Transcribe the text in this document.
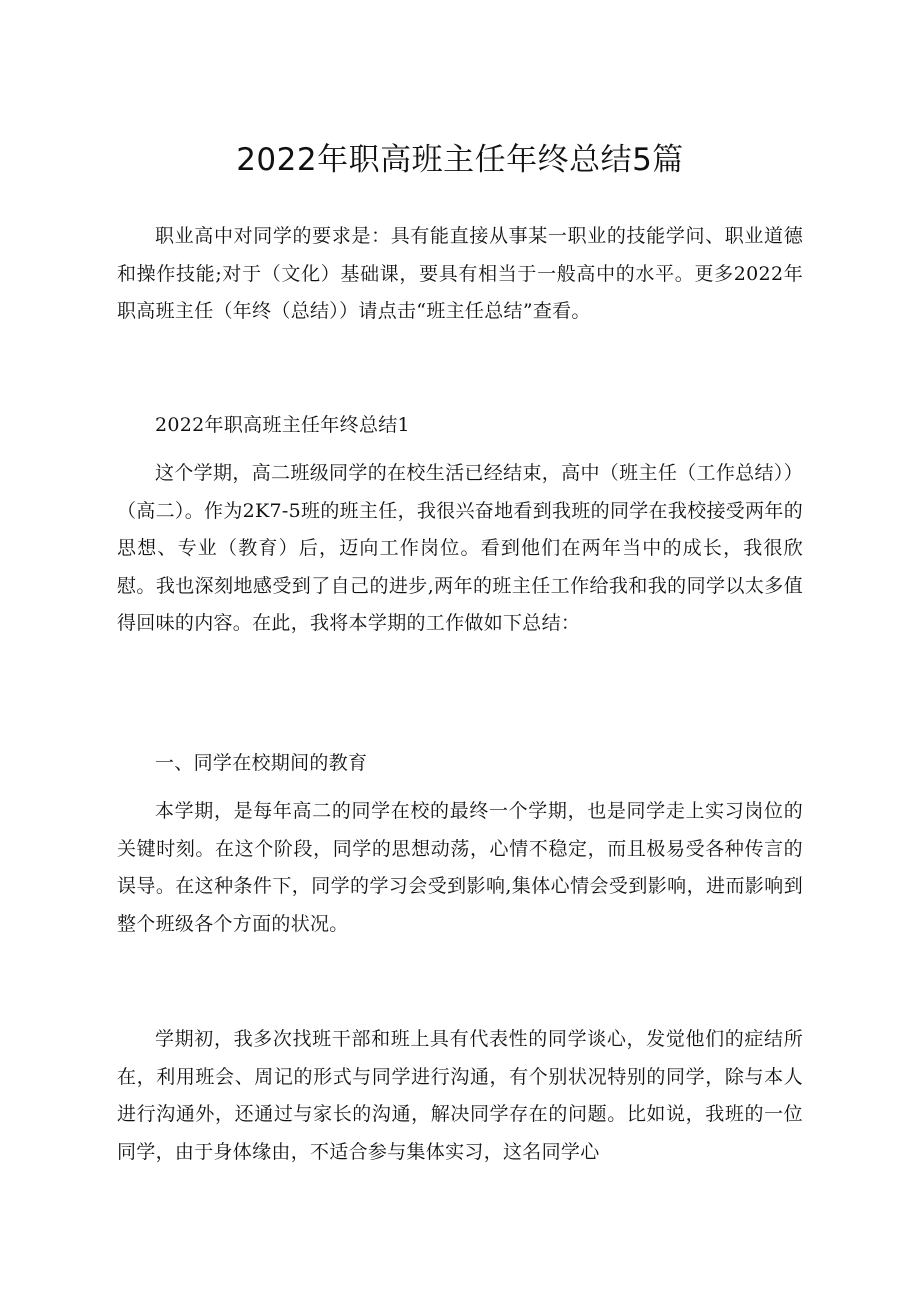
2022年职高班主任年终总结5篇

职业高中对同学的要求是：具有能直接从事某一职业的技能学问、职业道德和操作技能;对于（文化）基础课，要具有相当于一般高中的水平。更多2022年职高班主任（年终（总结））请点击“班主任总结”查看。

2022年职高班主任年终总结1

这个学期，高二班级同学的在校生活已经结束，高中（班主任（工作总结））（高二）。作为2K7-5班的班主任，我很兴奋地看到我班的同学在我校接受两年的思想、专业（教育）后，迈向工作岗位。看到他们在两年当中的成长，我很欣慰。我也深刻地感受到了自己的进步,两年的班主任工作给我和我的同学以太多值得回味的内容。在此，我将本学期的工作做如下总结：

一、同学在校期间的教育

本学期，是每年高二的同学在校的最终一个学期，也是同学走上实习岗位的关键时刻。在这个阶段，同学的思想动荡，心情不稳定，而且极易受各种传言的误导。在这种条件下，同学的学习会受到影响,集体心情会受到影响，进而影响到整个班级各个方面的状况。

学期初，我多次找班干部和班上具有代表性的同学谈心，发觉他们的症结所在，利用班会、周记的形式与同学进行沟通，有个别状况特别的同学，除与本人进行沟通外，还通过与家长的沟通，解决同学存在的问题。比如说，我班的一位同学，由于身体缘由，不适合参与集体实习，这名同学心
